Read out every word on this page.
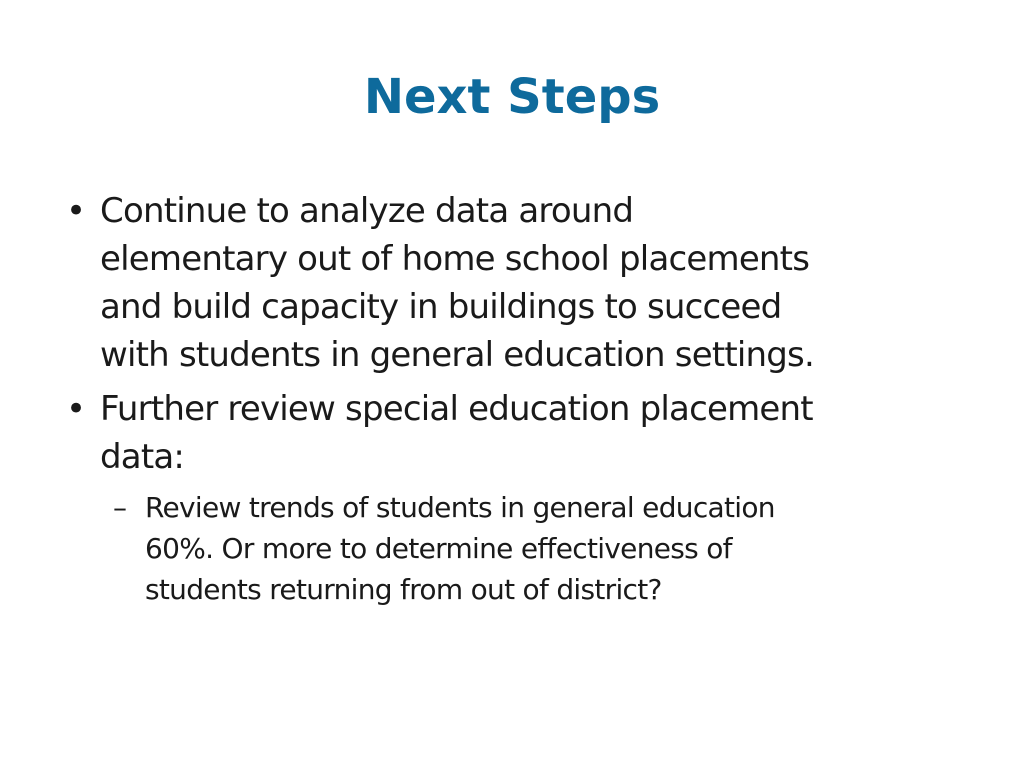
Next Steps
• Continue to analyze data around
elementary out of home school placements
and build capacity in buildings to succeed
with students in general education settings.
• Further review special education placement
data:
– Review trends of students in general education
60%. Or more to determine effectiveness of
students returning from out of district?
